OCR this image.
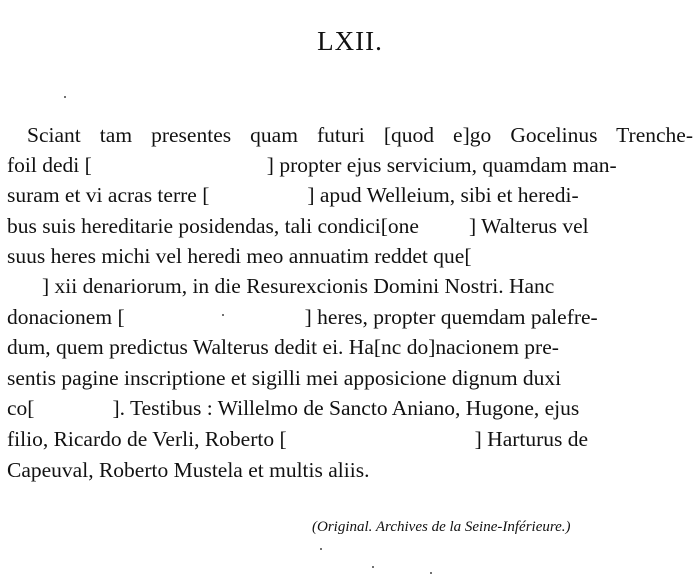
LXII.
Sciant tam presentes quam futuri [quod e]go Gocelinus Trenche-
foil dedi [	] propter ejus servicium, quamdam man-
suram et vi acras terre [	] apud Welleium, sibi et heredi-
bus suis hereditarie posidendas, tali condici[one ] Walterus vel
suus heres michi vel heredi meo annuatim reddet que[
] xii denariorum, in die Resurexcionis Domini Nostri. Hanc
donacionem [	] heres, propter quemdam palefre-
dum, quem predictus Walterus dedit ei. Ha[nc do]nacionem pre-
sentis pagine inscriptione et sigilli mei apposicione dignum duxi
co[	]. Testibus : Willelmo de Sancto Aniano, Hugone, ejus
filio, Ricardo de Verli, Roberto [	] Harturus de
Capeuval, Roberto Mustela et multis aliis.
(Original. Archives de la Seine-Inférieure.)
